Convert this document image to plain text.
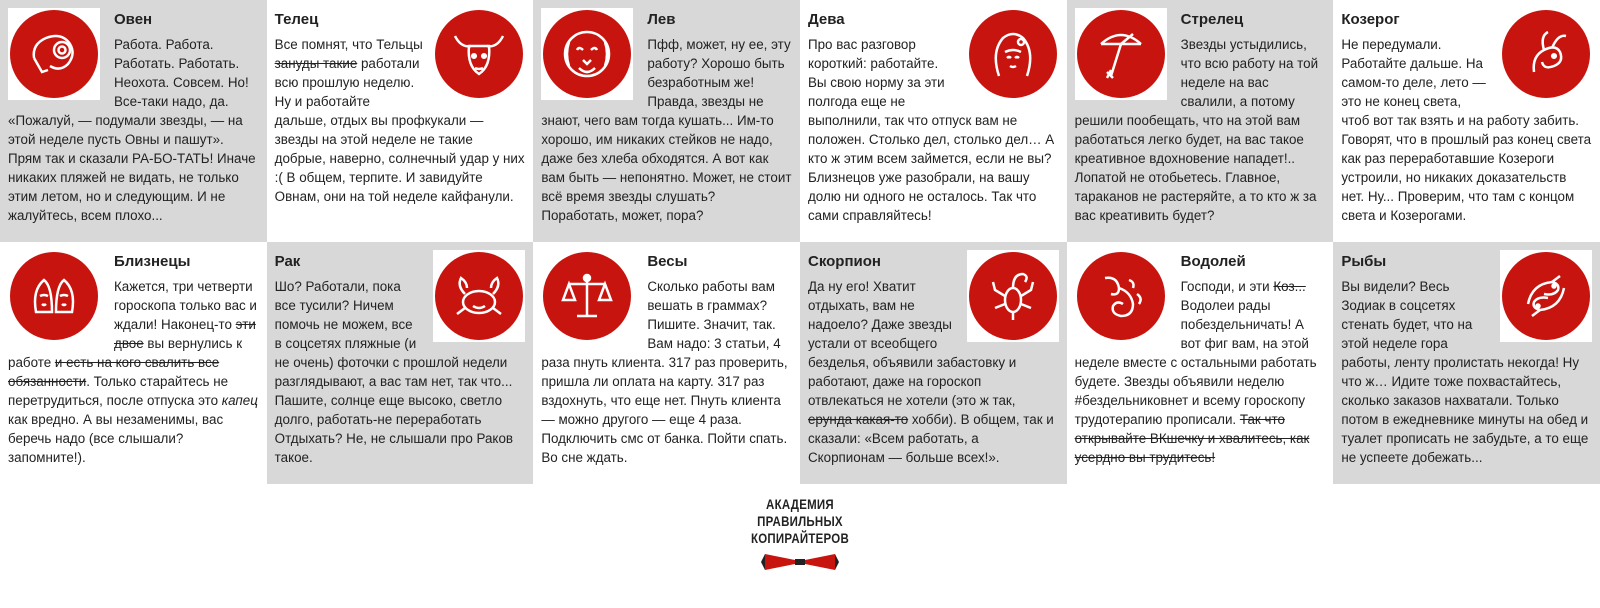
Овен

Работа. Работа. Работать. Работать. Неохота. Совсем. Но! Все-таки надо, да. «Пожалуй, — подумали звезды, — на этой неделе пусть Овны и пашут». Прям так и сказали РА-БО-ТАТЬ! Иначе никаких пляжей не видать, не только этим летом, но и следующим. И не жалуйтесь, всем плохо...

Телец

Все помнят, что Тельцы зануды такие работали всю прошлую неделю. Ну и работайте дальше, отдых вы профкукали — звезды на этой неделе не такие добрые, наверно, солнечный удар у них :( В общем, терпите. И завидуйте Овнам, они на той неделе кайфанули.

Лев

Пфф, может, ну ее, эту работу? Хорошо быть безработным же! Правда, звезды не знают, чего вам тогда кушать... Им-то хорошо, им никаких стейков не надо, даже без хлеба обходятся. А вот как вам быть — непонятно. Может, не стоит всё время звезды слушать? Поработать, может, пора?

Дева

Про вас разговор короткий: работайте. Вы свою норму за эти полгода еще не выполнили, так что отпуск вам не положен. Столько дел, столько дел… А кто ж этим всем займется, если не вы? Близнецов уже разобрали, на вашу долю ни одного не осталось. Так что сами справляйтесь!

Стрелец

Звезды устыдились, что всю работу на той неделе на вас свалили, а потому решили пообещать, что на этой вам работаться легко будет, на вас такое креативное вдохновение нападет!.. Лопатой не отобьетесь. Главное, тараканов не растеряйте, а то кто ж за вас креативить будет?

Козерог

Не передумали. Работайте дальше. На самом-то деле, лето — это не конец света, чтоб вот так взять и на работу забить. Говорят, что в прошлый раз конец света как раз переработавшие Козероги устроили, но никаких доказательств нет. Ну... Проверим, что там с концом света и Козерогами.

Близнецы

Кажется, три четверти гороскопа только вас и ждали! Наконец-то эти двое вы вернулись к работе и есть на кого свалить все обязанности. Только старайтесь не перетрудиться, после отпуска это капец как вредно. А вы незаменимы, вас беречь надо (все слышали? запомните!).

Рак

Шо? Работали, пока все тусили? Ничем помочь не можем, все в соцсетях пляжные (и не очень) фоточки с прошлой недели разглядывают, а вас там нет, так что... Пашите, солнце еще высоко, светло долго, работать-не переработать Отдыхать? Не, не слышали про Раков такое.

Весы

Сколько работы вам вешать в граммах? Пишите. Значит, так. Вам надо: 3 статьи, 4 раза пнуть клиента. 317 раз проверить, пришла ли оплата на карту. 317 раз вздохнуть, что еще нет. Пнуть клиента — можно другого — еще 4 раза. Подключить смс от банка. Пойти спать. Во сне ждать.

Скорпион

Да ну его! Хватит отдыхать, вам не надоело? Даже звезды устали от всеобщего безделья, объявили забастовку и работают, даже на гороскоп отвлекаться не хотели (это ж так, ерунда какая-то хобби). В общем, так и сказали: «Всем работать, а Скорпионам — больше всех!».

Водолей

Господи, и эти Коз... Водолеи рады побездельничать! А вот фиг вам, на этой неделе вместе с остальными работать будете. Звезды объявили неделю #бездельниковнет и всему гороскопу трудотерапию прописали. Так что открывайте ВКшечку и хвалитесь, как усердно вы трудитесь!

Рыбы

Вы видели? Весь Зодиак в соцсетях стенать будет, что на этой неделе гора работы, ленту пролистать некогда! Ну что ж… Идите тоже похвастайтесь, сколько заказов нахватали. Только потом в ежедневнике минуты на обед и туалет прописать не забудьте, а то еще не успеете добежать...

АКАДЕМИЯ
ПРАВИЛЬНЫХ
КОПИРАЙТЕРОВ
